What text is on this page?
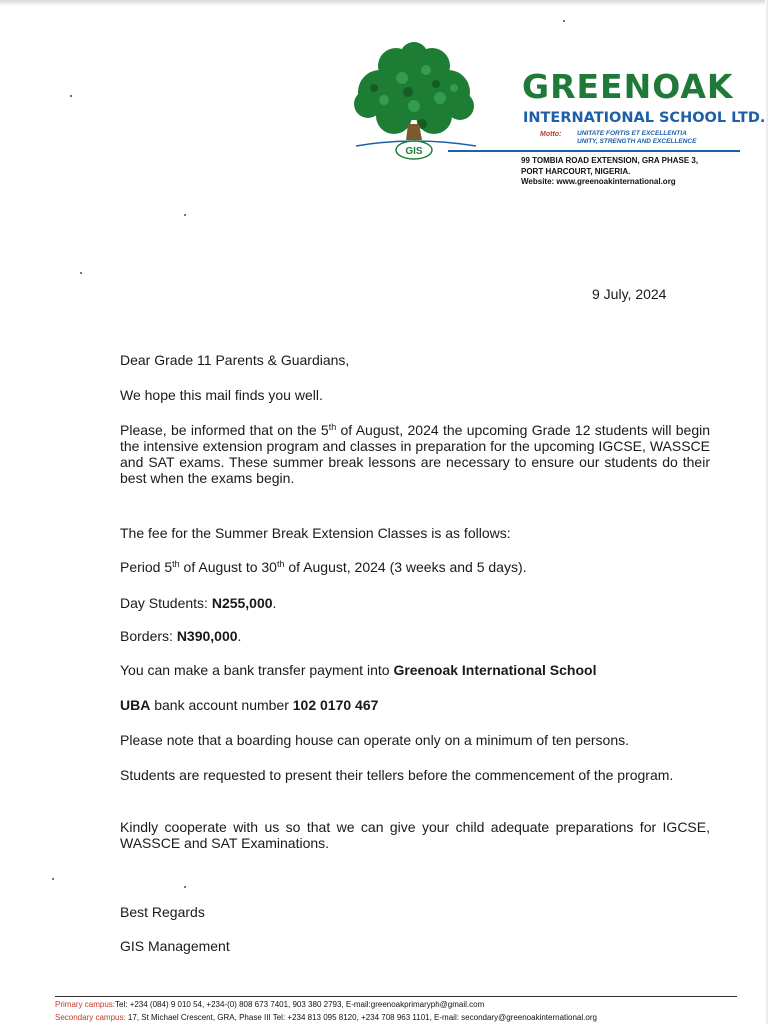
GIS
GREENOAK
INTERNATIONAL SCHOOL LTD.
Motto: UNITATE FORTIS ET EXCELLENTIA
UNITY, STRENGTH AND EXCELLENCE
99 TOMBIA ROAD EXTENSION, GRA PHASE 3,
PORT HARCOURT, NIGERIA.
Website: www.greenoakinternational.org
9 July, 2024

Dear Grade 11 Parents & Guardians,

We hope this mail finds you well.

Please, be informed that on the 5th of August, 2024 the upcoming Grade 12 students will begin the intensive extension program and classes in preparation for the upcoming IGCSE, WASSCE and SAT exams. These summer break lessons are necessary to ensure our students do their best when the exams begin.

The fee for the Summer Break Extension Classes is as follows:

Period 5th of August to 30th of August, 2024 (3 weeks and 5 days).

Day Students: N255,000.

Borders: N390,000.

You can make a bank transfer payment into Greenoak International School

UBA bank account number 102 0170 467

Please note that a boarding house can operate only on a minimum of ten persons.

Students are requested to present their tellers before the commencement of the program.

Kindly cooperate with us so that we can give your child adequate preparations for IGCSE, WASSCE and SAT Examinations.

Best Regards

GIS Management

Primary campus:Tel: +234 (084) 9 010 54, +234-(0) 808 673 7401, 903 380 2793, E-mail:greenoakprimaryph@gmail.com
Secondary campus: 17, St Michael Crescent, GRA, Phase III Tel: +234 813 095 8120, +234 708 963 1101, E-mail: secondary@greenoakinternational.org
